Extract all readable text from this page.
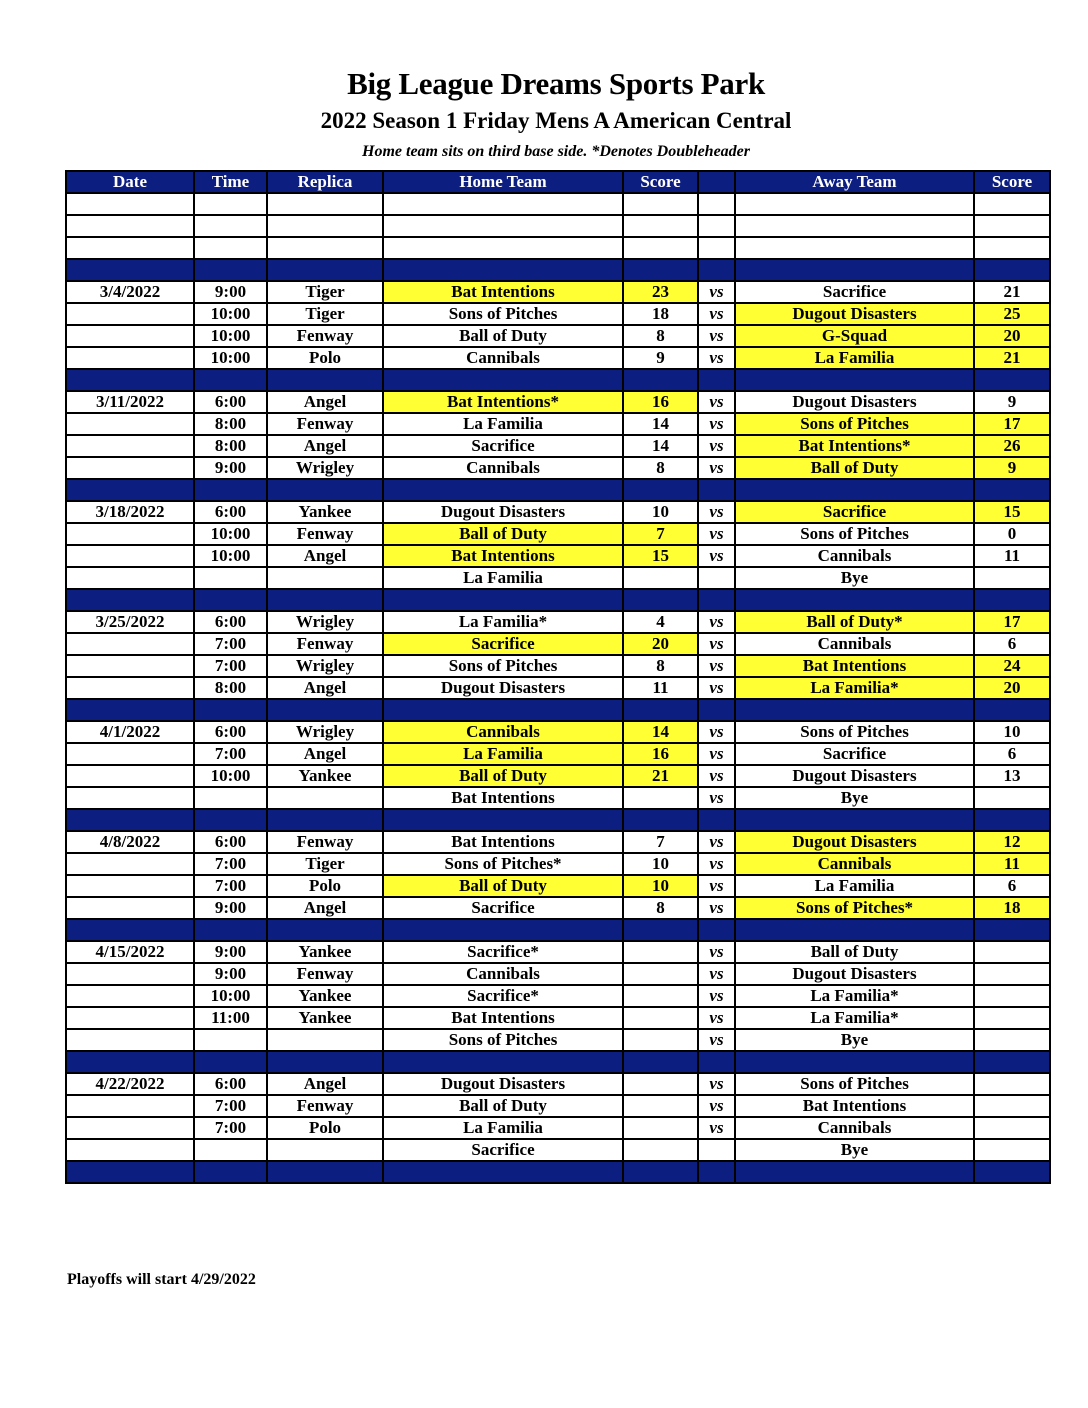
Big League Dreams Sports Park
2022 Season 1 Friday Mens A American Central
Home team sits on third base side. *Denotes Doubleheader
Date	Time	Replica	Home Team	Score		Away Team	Score

3/4/2022	9:00	Tiger	Bat Intentions	23	vs	Sacrifice	21
	10:00	Tiger	Sons of Pitches	18	vs	Dugout Disasters	25
	10:00	Fenway	Ball of Duty	8	vs	G-Squad	20
	10:00	Polo	Cannibals	9	vs	La Familia	21

3/11/2022	6:00	Angel	Bat Intentions*	16	vs	Dugout Disasters	9
	8:00	Fenway	La Familia	14	vs	Sons of Pitches	17
	8:00	Angel	Sacrifice	14	vs	Bat Intentions*	26
	9:00	Wrigley	Cannibals	8	vs	Ball of Duty	9

3/18/2022	6:00	Yankee	Dugout Disasters	10	vs	Sacrifice	15
	10:00	Fenway	Ball of Duty	7	vs	Sons of Pitches	0
	10:00	Angel	Bat Intentions	15	vs	Cannibals	11
			La Familia			Bye	

3/25/2022	6:00	Wrigley	La Familia*	4	vs	Ball of Duty*	17
	7:00	Fenway	Sacrifice	20	vs	Cannibals	6
	7:00	Wrigley	Sons of Pitches	8	vs	Bat Intentions	24
	8:00	Angel	Dugout Disasters	11	vs	La Familia*	20

4/1/2022	6:00	Wrigley	Cannibals	14	vs	Sons of Pitches	10
	7:00	Angel	La Familia	16	vs	Sacrifice	6
	10:00	Yankee	Ball of Duty	21	vs	Dugout Disasters	13
			Bat Intentions		vs	Bye	

4/8/2022	6:00	Fenway	Bat Intentions	7	vs	Dugout Disasters	12
	7:00	Tiger	Sons of Pitches*	10	vs	Cannibals	11
	7:00	Polo	Ball of Duty	10	vs	La Familia	6
	9:00	Angel	Sacrifice	8	vs	Sons of Pitches*	18

4/15/2022	9:00	Yankee	Sacrifice*		vs	Ball of Duty	
	9:00	Fenway	Cannibals		vs	Dugout Disasters	
	10:00	Yankee	Sacrifice*		vs	La Familia*	
	11:00	Yankee	Bat Intentions		vs	La Familia*	
			Sons of Pitches		vs	Bye	

4/22/2022	6:00	Angel	Dugout Disasters		vs	Sons of Pitches	
	7:00	Fenway	Ball of Duty		vs	Bat Intentions	
	7:00	Polo	La Familia		vs	Cannibals	
			Sacrifice			Bye	

Playoffs will start 4/29/2022
